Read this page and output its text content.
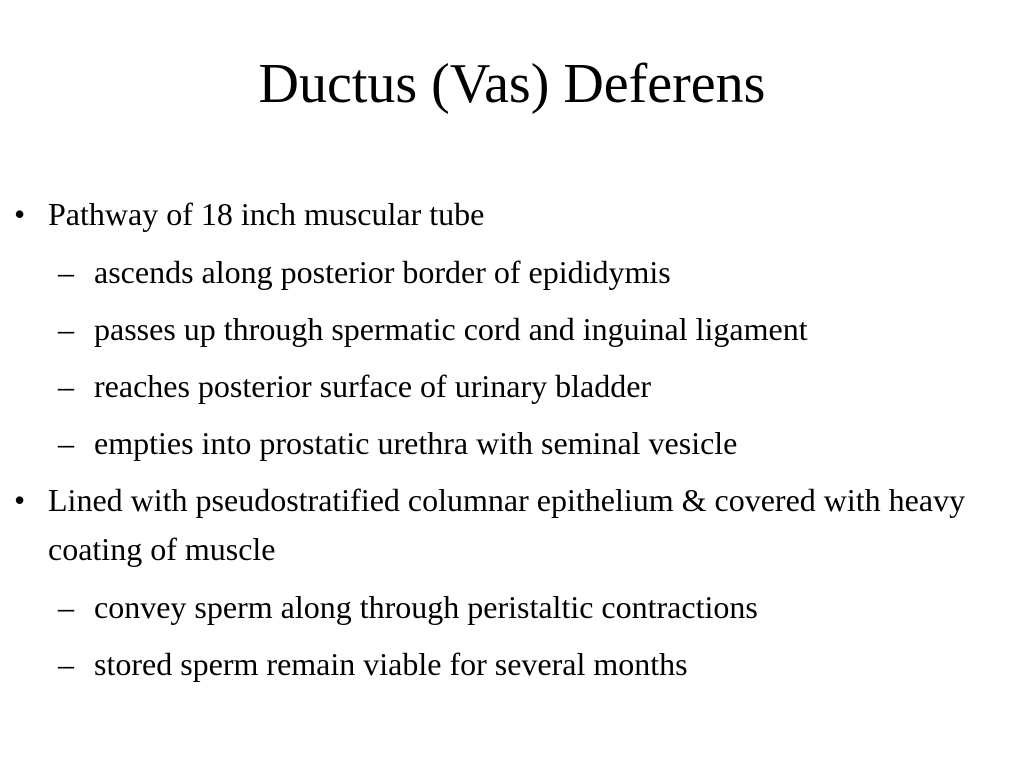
Ductus (Vas) Deferens
• Pathway of 18 inch muscular tube
– ascends along posterior border of epididymis
– passes up through spermatic cord and inguinal ligament
– reaches posterior surface of urinary bladder
– empties into prostatic urethra with seminal vesicle
• Lined with pseudostratified columnar epithelium & covered with heavy coating of muscle
– convey sperm along through peristaltic contractions
– stored sperm remain viable for several months
